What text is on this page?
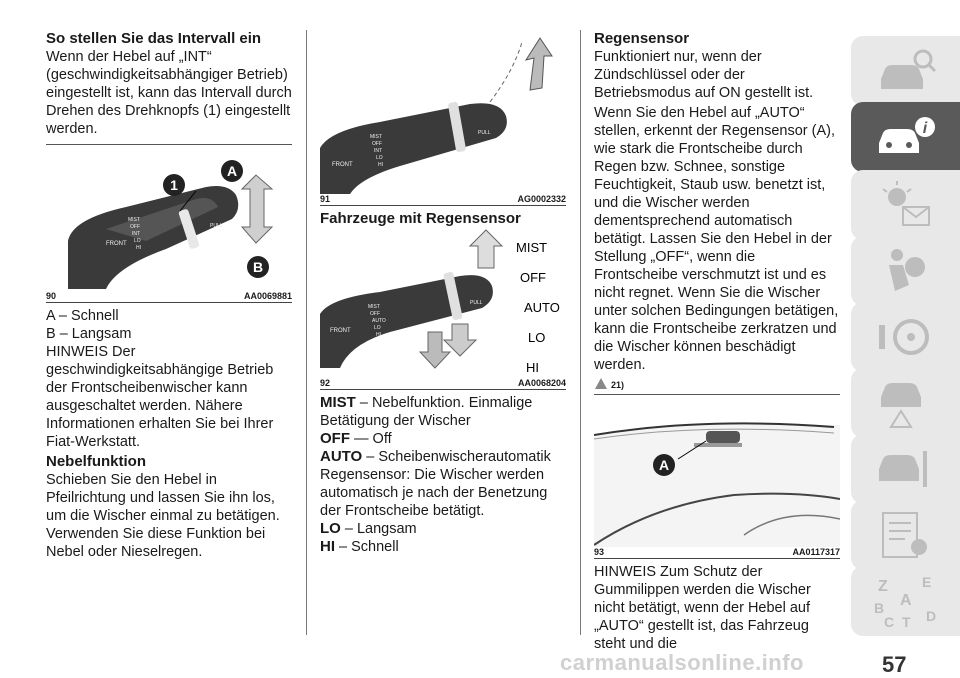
So stellen Sie das Intervall ein

Wenn der Hebel auf „INT“ (geschwindigkeitsabhängiger Betrieb) eingestellt ist, kann das Intervall durch Drehen des Drehknopfs (1) eingestellt werden.

FRONT
MIST
OFF
INT
LO
HI
PULL
1
A
B
90	AA0069881

A – Schnell

B – Langsam

HINWEIS Der geschwindigkeitsabhängige Betrieb der Frontscheibenwischer kann ausgeschaltet werden. Nähere Informationen erhalten Sie bei Ihrer Fiat-Werkstatt.

Nebelfunktion

Schieben Sie den Hebel in Pfeilrichtung und lassen Sie ihn los, um die Wischer einmal zu betätigen. Verwenden Sie diese Funktion bei Nebel oder Nieselregen.

FRONT
MIST
OFF
INT
LO
HI
PULL
91	AG0002332
Fahrzeuge mit Regensensor
FRONT
MIST
OFF
AUTO
LO
HI
PULL
MIST
OFF
AUTO
LO
HI
92	AA0068204

MIST – Nebelfunktion. Einmalige Betätigung der Wischer

OFF — Off

AUTO – Scheibenwischerautomatik Regensensor: Die Wischer werden automatisch je nach der Benetzung der Frontscheibe betätigt.

LO – Langsam

HI – Schnell

Regensensor

Funktioniert nur, wenn der Zündschlüssel oder der Betriebsmodus auf ON gestellt ist.

Wenn Sie den Hebel auf „AUTO“ stellen, erkennt der Regensensor (A), wie stark die Frontscheibe durch Regen bzw. Schnee, sonstige Feuchtigkeit, Staub usw. benetzt ist, und die Wischer werden dementsprechend automatisch betätigt. Lassen Sie den Hebel in der Stellung „OFF“, wenn die Frontscheibe verschmutzt ist und es nicht regnet. Wenn Sie die Wischer unter solchen Bedingungen betätigen, kann die Frontscheibe zerkratzen und die Wischer können beschädigt werden.

21)
A
93	AA0117317

HINWEIS Zum Schutz der Gummilippen werden die Wischer nicht betätigt, wenn der Hebel auf „AUTO“ gestellt ist, das Fahrzeug steht und die

i
Z E
A
B
C T D
carmanualsonline.info	57
